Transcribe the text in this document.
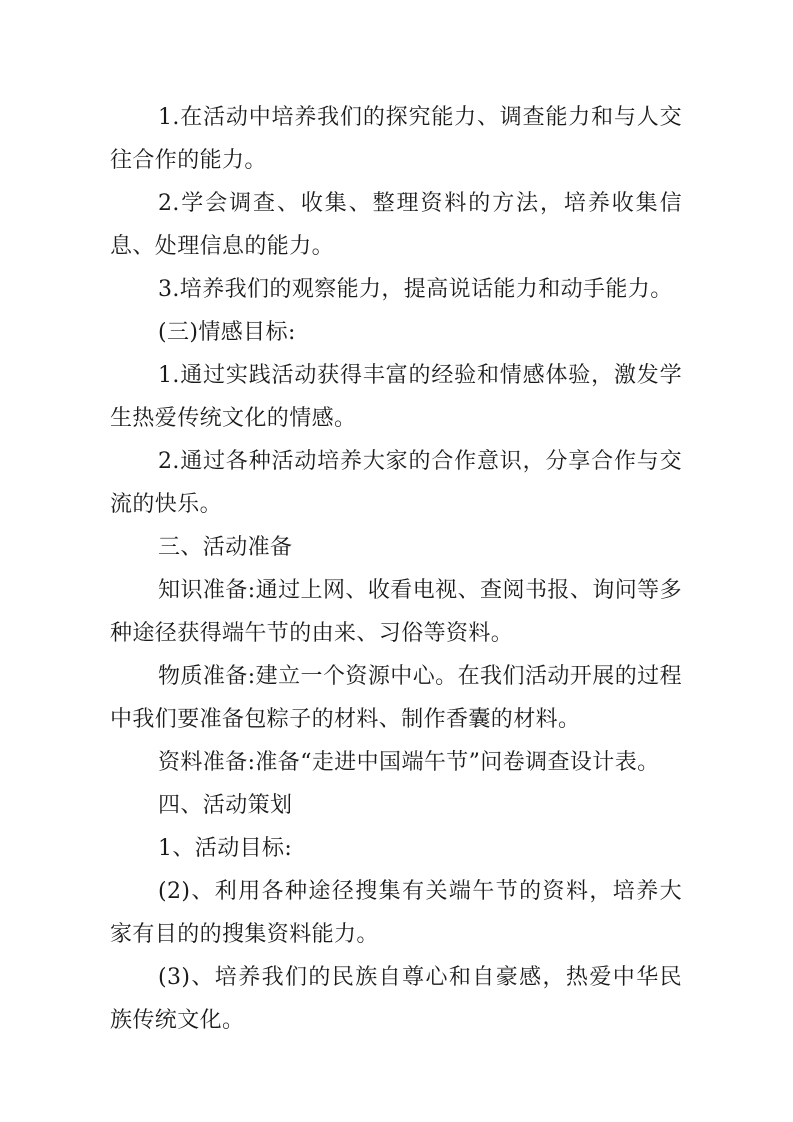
1.在活动中培养我们的探究能力、调查能力和与人交往合作的能力。

2.学会调查、收集、整理资料的方法，培养收集信息、处理信息的能力。

3.培养我们的观察能力，提高说话能力和动手能力。

(三)情感目标:

1.通过实践活动获得丰富的经验和情感体验，激发学生热爱传统文化的情感。

2.通过各种活动培养大家的合作意识，分享合作与交流的快乐。

三、活动准备

知识准备:通过上网、收看电视、查阅书报、询问等多种途径获得端午节的由来、习俗等资料。

物质准备:建立一个资源中心。在我们活动开展的过程中我们要准备包粽子的材料、制作香囊的材料。

资料准备:准备“走进中国端午节”问卷调查设计表。

四、活动策划

1、活动目标:

(2)、利用各种途径搜集有关端午节的资料，培养大家有目的的搜集资料能力。

(3)、培养我们的民族自尊心和自豪感，热爱中华民族传统文化。
